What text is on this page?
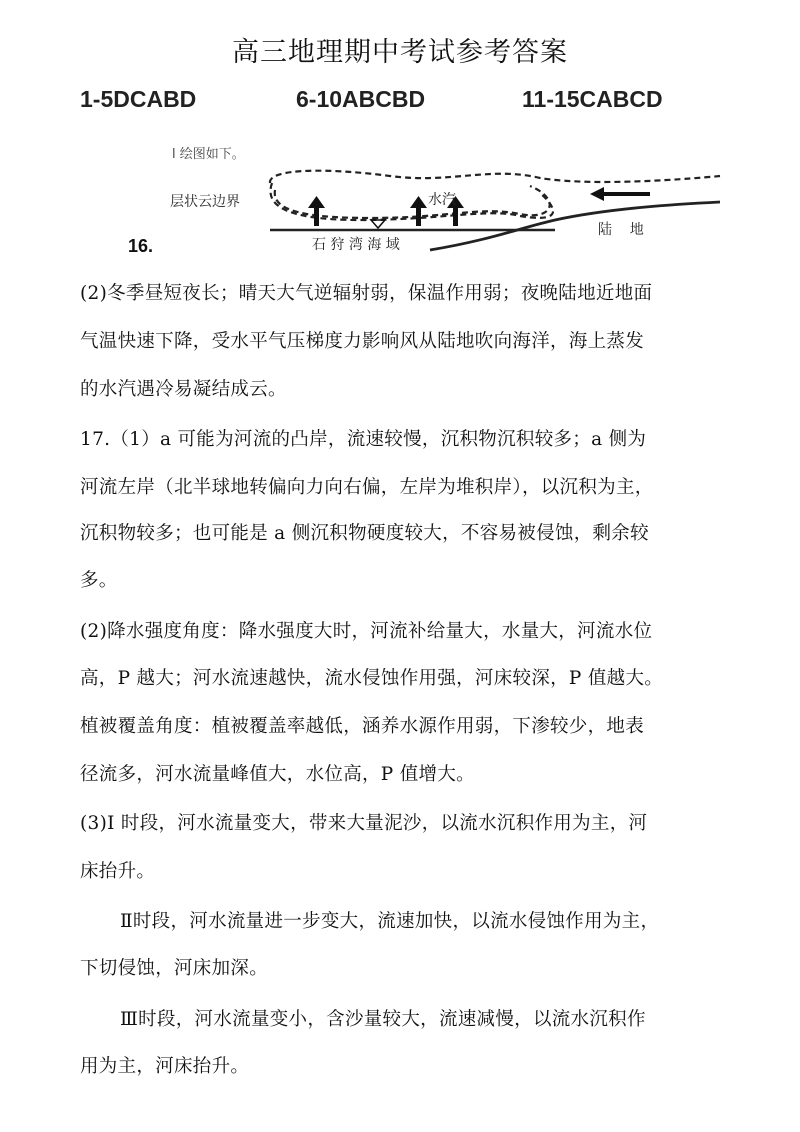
高三地理期中考试参考答案
1-5DCABD	6-10ABCBD	11-15CABCD
l 绘图如下。
层状云边界	水汽
石 狩 湾 海 域
陆    地
16.
(2)冬季昼短夜长；晴天大气逆辐射弱，保温作用弱；夜晚陆地近地面
气温快速下降，受水平气压梯度力影响风从陆地吹向海洋，海上蒸发
的水汽遇冷易凝结成云。
17.（1）a 可能为河流的凸岸，流速较慢，沉积物沉积较多；a 侧为
河流左岸（北半球地转偏向力向右偏，左岸为堆积岸），以沉积为主，
沉积物较多；也可能是 a 侧沉积物硬度较大，不容易被侵蚀，剩余较
多。
(2)降水强度角度：降水强度大时，河流补给量大，水量大，河流水位
高，P 越大；河水流速越快，流水侵蚀作用强，河床较深，P 值越大。
植被覆盖角度：植被覆盖率越低，涵养水源作用弱，下渗较少，地表
径流多，河水流量峰值大，水位高，P 值增大。
(3)I 时段，河水流量变大，带来大量泥沙，以流水沉积作用为主，河
床抬升。
Ⅱ时段，河水流量进一步变大，流速加快，以流水侵蚀作用为主，
下切侵蚀，河床加深。
Ⅲ时段，河水流量变小，含沙量较大，流速减慢，以流水沉积作
用为主，河床抬升。
